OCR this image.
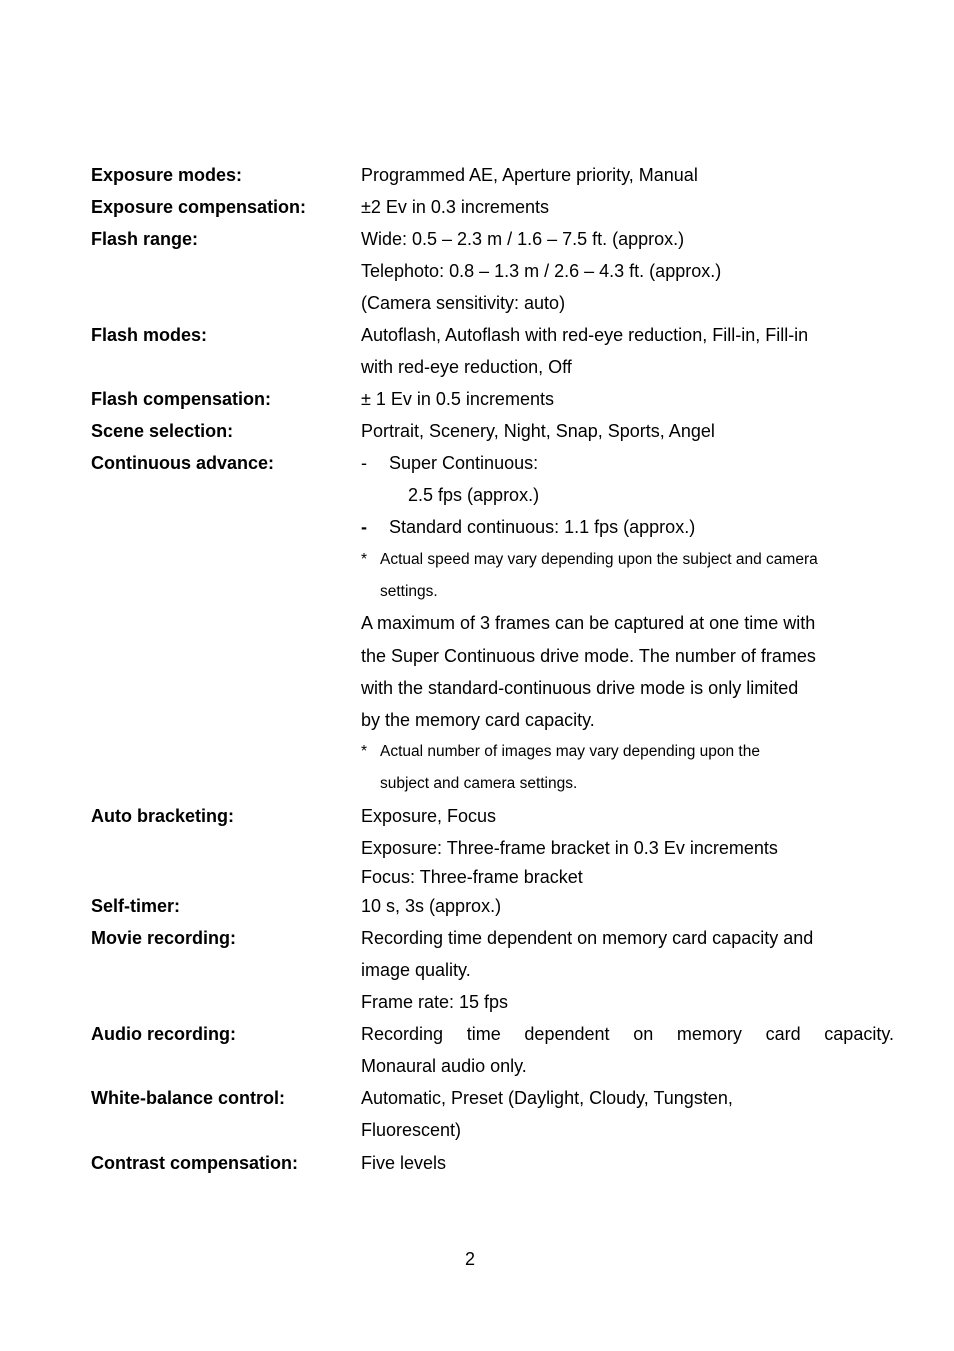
Exposure modes:	Programmed AE, Aperture priority, Manual
Exposure compensation:	±2 Ev in 0.3 increments
Flash range:	Wide: 0.5 – 2.3 m / 1.6 – 7.5 ft. (approx.)
Telephoto: 0.8 – 1.3 m / 2.6 – 4.3 ft. (approx.)
(Camera sensitivity: auto)
Flash modes:	Autoflash, Autoflash with red-eye reduction, Fill-in, Fill-in
with red-eye reduction, Off
Flash compensation:	± 1 Ev in 0.5 increments
Scene selection:	Portrait, Scenery, Night, Snap, Sports, Angel
Continuous advance:	- Super Continuous:
2.5 fps (approx.)
- Standard continuous: 1.1 fps (approx.)
* Actual speed may vary depending upon the subject and camera
settings.
A maximum of 3 frames can be captured at one time with
the Super Continuous drive mode. The number of frames
with the standard-continuous drive mode is only limited
by the memory card capacity.
* Actual number of images may vary depending upon the
subject and camera settings.
Auto bracketing:	Exposure, Focus
Exposure: Three-frame bracket in 0.3 Ev increments
Focus: Three-frame bracket
Self-timer:	10 s, 3s (approx.)
Movie recording:	Recording time dependent on memory card capacity and
image quality.
Frame rate: 15 fps
Audio recording:	Recording time dependent on memory card capacity.
Monaural audio only.
White-balance control:	Automatic, Preset (Daylight, Cloudy, Tungsten,
Fluorescent)
Contrast compensation:	Five levels
2
